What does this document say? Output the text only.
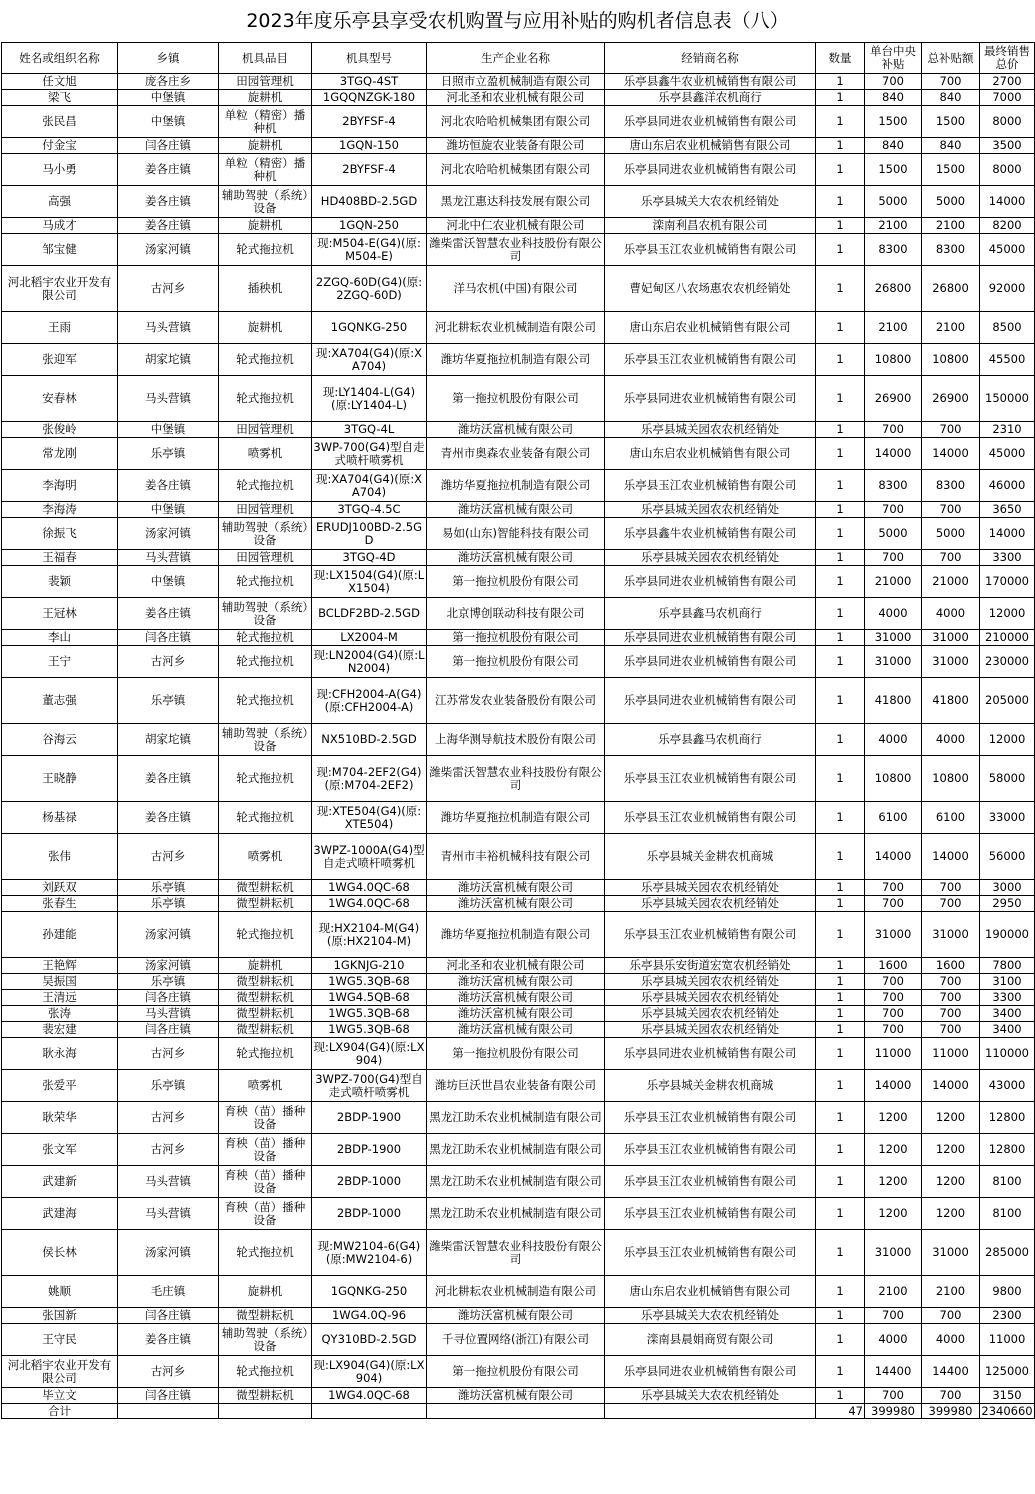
2023年度乐亭县享受农机购置与应用补贴的购机者信息表（八）
姓名或组织名称	乡镇	机具品目	机具型号	生产企业名称	经销商名称	数量	单台中央补贴	总补贴额	最终销售总价
任文旭	庞各庄乡	田园管理机	3TGQ-4ST	日照市立盈机械制造有限公司	乐亭县鑫牛农业机械销售有限公司	1	700	700	2700
梁飞	中堡镇	旋耕机	1GQQNZGK-180	河北圣和农业机械有限公司	乐亭县鑫洋农机商行	1	840	840	7000
张民昌	中堡镇	单粒（精密）播种机	2BYFSF-4	河北农哈哈机械集团有限公司	乐亭县同进农业机械销售有限公司	1	1500	1500	8000
付金宝	闫各庄镇	旋耕机	1GQN-150	潍坊恒旋农业装备有限公司	唐山东启农业机械销售有限公司	1	840	840	3500
马小勇	姜各庄镇	单粒（精密）播种机	2BYFSF-4	河北农哈哈机械集团有限公司	乐亭县同进农业机械销售有限公司	1	1500	1500	8000
高强	姜各庄镇	辅助驾驶（系统）设备	HD408BD-2.5GD	黑龙江惠达科技发展有限公司	乐亭县城关大农农机经销处	1	5000	5000	14000
马成才	姜各庄镇	旋耕机	1GQN-250	河北中仁农业机械有限公司	滦南利昌农机有限公司	1	2100	2100	8200
邹宝健	汤家河镇	轮式拖拉机	现:M504-E(G4)(原:M504-E)	潍柴雷沃智慧农业科技股份有限公司	乐亭县玉江农业机械销售有限公司	1	8300	8300	45000
河北稻宇农业开发有限公司	古河乡	插秧机	2ZGQ-60D(G4)(原:2ZGQ-60D)	洋马农机(中国)有限公司	曹妃甸区八农场惠农农机经销处	1	26800	26800	92000
王雨	马头营镇	旋耕机	1GQNKG-250	河北耕耘农业机械制造有限公司	唐山东启农业机械销售有限公司	1	2100	2100	8500
张迎军	胡家坨镇	轮式拖拉机	现:XA704(G4)(原:XA704)	潍坊华夏拖拉机制造有限公司	乐亭县玉江农业机械销售有限公司	1	10800	10800	45500
安春林	马头营镇	轮式拖拉机	现:LY1404-L(G4)(原:LY1404-L)	第一拖拉机股份有限公司	乐亭县同进农业机械销售有限公司	1	26900	26900	150000
张俊岭	中堡镇	田园管理机	3TGQ-4L	潍坊沃富机械有限公司	乐亭县城关园农农机经销处	1	700	700	2310
常龙刚	乐亭镇	喷雾机	3WP-700(G4)型自走式喷杆喷雾机	青州市奥森农业装备有限公司	唐山东启农业机械销售有限公司	1	14000	14000	45000
李海明	姜各庄镇	轮式拖拉机	现:XA704(G4)(原:XA704)	潍坊华夏拖拉机制造有限公司	乐亭县玉江农业机械销售有限公司	1	8300	8300	46000
李海涛	中堡镇	田园管理机	3TGQ-4.5C	潍坊沃富机械有限公司	乐亭县城关园农农机经销处	1	700	700	3650
徐振飞	汤家河镇	辅助驾驶（系统）设备	ERUDJ100BD-2.5GD	易如(山东)智能科技有限公司	乐亭县鑫牛农业机械销售有限公司	1	5000	5000	14000
王福春	马头营镇	田园管理机	3TGQ-4D	潍坊沃富机械有限公司	乐亭县城关园农农机经销处	1	700	700	3300
裴颖	中堡镇	轮式拖拉机	现:LX1504(G4)(原:LX1504)	第一拖拉机股份有限公司	乐亭县同进农业机械销售有限公司	1	21000	21000	170000
王冠林	姜各庄镇	辅助驾驶（系统）设备	BCLDF2BD-2.5GD	北京博创联动科技有限公司	乐亭县鑫马农机商行	1	4000	4000	12000
李山	闫各庄镇	轮式拖拉机	LX2004-M	第一拖拉机股份有限公司	乐亭县同进农业机械销售有限公司	1	31000	31000	210000
王宁	古河乡	轮式拖拉机	现:LN2004(G4)(原:LN2004)	第一拖拉机股份有限公司	乐亭县同进农业机械销售有限公司	1	31000	31000	230000
董志强	乐亭镇	轮式拖拉机	现:CFH2004-A(G4)(原:CFH2004-A)	江苏常发农业装备股份有限公司	乐亭县同进农业机械销售有限公司	1	41800	41800	205000
谷海云	胡家坨镇	辅助驾驶（系统）设备	NX510BD-2.5GD	上海华测导航技术股份有限公司	乐亭县鑫马农机商行	1	4000	4000	12000
王晓静	姜各庄镇	轮式拖拉机	现:M704-2EF2(G4)(原:M704-2EF2)	潍柴雷沃智慧农业科技股份有限公司	乐亭县玉江农业机械销售有限公司	1	10800	10800	58000
杨基禄	姜各庄镇	轮式拖拉机	现:XTE504(G4)(原:XTE504)	潍坊华夏拖拉机制造有限公司	乐亭县玉江农业机械销售有限公司	1	6100	6100	33000
张伟	古河乡	喷雾机	3WPZ-1000A(G4)型自走式喷杆喷雾机	青州市丰裕机械科技有限公司	乐亭县城关金耕农机商城	1	14000	14000	56000
刘跃双	乐亭镇	微型耕耘机	1WG4.0QC-68	潍坊沃富机械有限公司	乐亭县城关园农农机经销处	1	700	700	3000
张春生	乐亭镇	微型耕耘机	1WG4.0QC-68	潍坊沃富机械有限公司	乐亭县城关园农农机经销处	1	700	700	2950
孙建能	汤家河镇	轮式拖拉机	现:HX2104-M(G4)(原:HX2104-M)	潍坊华夏拖拉机制造有限公司	乐亭县玉江农业机械销售有限公司	1	31000	31000	190000
王艳辉	汤家河镇	旋耕机	1GKNJG-210	河北圣和农业机械有限公司	乐亭县乐安街道宏宽农机经销处	1	1600	1600	7800
吴振国	乐亭镇	微型耕耘机	1WG5.3QB-68	潍坊沃富机械有限公司	乐亭县城关园农农机经销处	1	700	700	3100
王清远	闫各庄镇	微型耕耘机	1WG4.5QB-68	潍坊沃富机械有限公司	乐亭县城关园农农机经销处	1	700	700	3300
张涛	马头营镇	微型耕耘机	1WG5.3QB-68	潍坊沃富机械有限公司	乐亭县城关园农农机经销处	1	700	700	3400
裴宏建	闫各庄镇	微型耕耘机	1WG5.3QB-68	潍坊沃富机械有限公司	乐亭县城关园农农机经销处	1	700	700	3400
耿永海	古河乡	轮式拖拉机	现:LX904(G4)(原:LX904)	第一拖拉机股份有限公司	乐亭县同进农业机械销售有限公司	1	11000	11000	110000
张爱平	乐亭镇	喷雾机	3WPZ-700(G4)型自走式喷杆喷雾机	潍坊巨沃世昌农业装备有限公司	乐亭县城关金耕农机商城	1	14000	14000	43000
耿荣华	古河乡	育秧（苗）播种设备	2BDP-1900	黑龙江助禾农业机械制造有限公司	乐亭县玉江农业机械销售有限公司	1	1200	1200	12800
张文军	古河乡	育秧（苗）播种设备	2BDP-1900	黑龙江助禾农业机械制造有限公司	乐亭县玉江农业机械销售有限公司	1	1200	1200	12800
武建新	马头营镇	育秧（苗）播种设备	2BDP-1000	黑龙江助禾农业机械制造有限公司	乐亭县玉江农业机械销售有限公司	1	1200	1200	8100
武建海	马头营镇	育秧（苗）播种设备	2BDP-1000	黑龙江助禾农业机械制造有限公司	乐亭县玉江农业机械销售有限公司	1	1200	1200	8100
侯长林	汤家河镇	轮式拖拉机	现:MW2104-6(G4)(原:MW2104-6)	潍柴雷沃智慧农业科技股份有限公司	乐亭县玉江农业机械销售有限公司	1	31000	31000	285000
姚顺	毛庄镇	旋耕机	1GQNKG-250	河北耕耘农业机械制造有限公司	唐山东启农业机械销售有限公司	1	2100	2100	9800
张国新	闫各庄镇	微型耕耘机	1WG4.0Q-96	潍坊沃富机械有限公司	乐亭县城关大农农机经销处	1	700	700	2300
王守民	姜各庄镇	辅助驾驶（系统）设备	QY310BD-2.5GD	千寻位置网络(浙江)有限公司	滦南县晨娟商贸有限公司	1	4000	4000	11000
河北稻宇农业开发有限公司	古河乡	轮式拖拉机	现:LX904(G4)(原:LX904)	第一拖拉机股份有限公司	乐亭县同进农业机械销售有限公司	1	14400	14400	125000
毕立文	闫各庄镇	微型耕耘机	1WG4.0QC-68	潍坊沃富机械有限公司	乐亭县城关大农农机经销处	1	700	700	3150
合计						47	399980	399980	2340660
